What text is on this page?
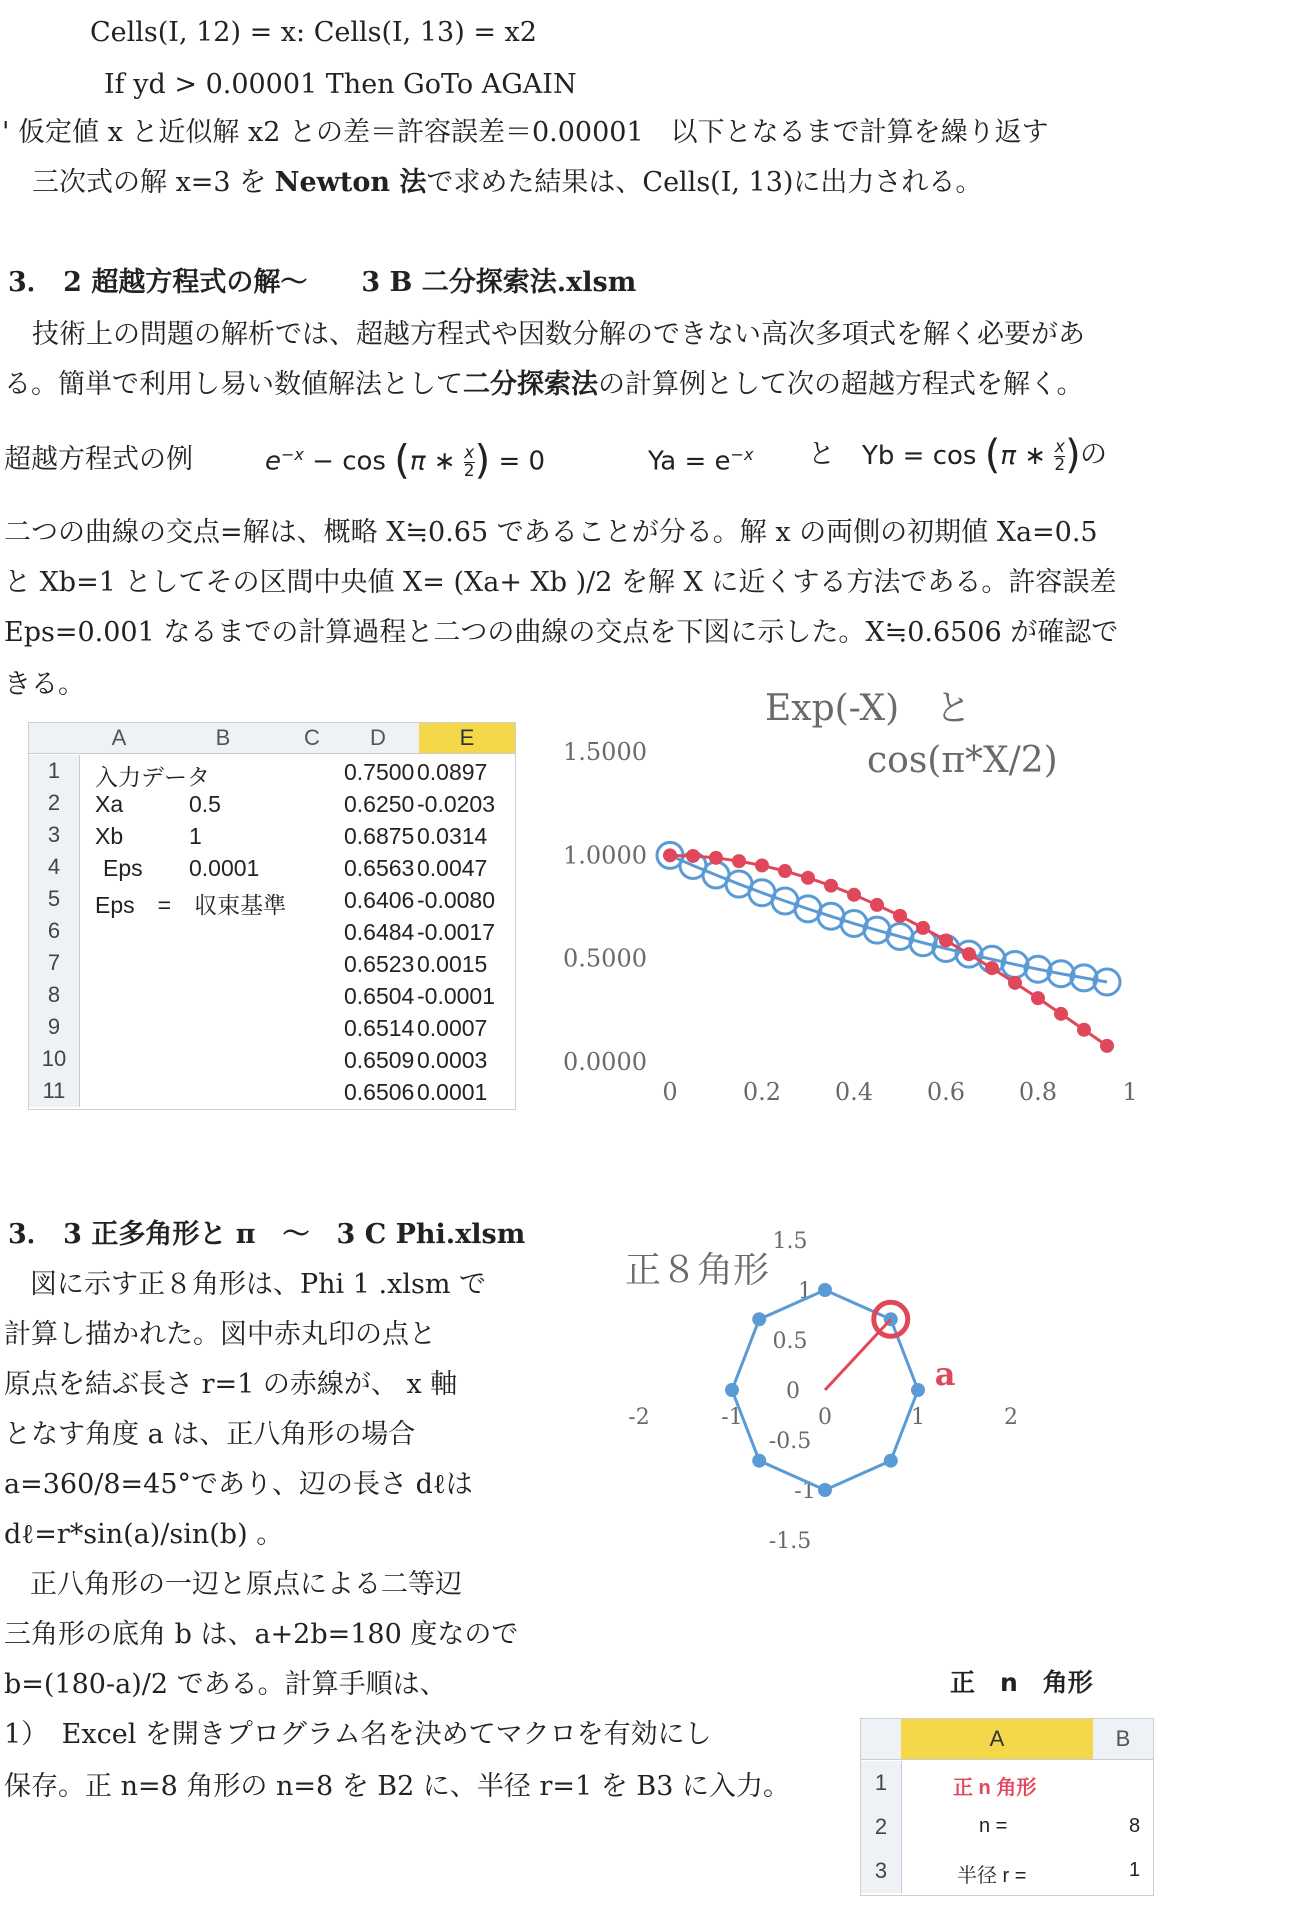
Cells(I, 12) = x: Cells(I, 13) = x2
If yd > 0.00001 Then GoTo AGAIN
' 仮定値 x と近似解 x2 との差＝許容誤差＝0.00001　以下となるまで計算を繰り返す
三次式の解 x=3 を Newton 法で求めた結果は、Cells(I, 13)に出力される。
3． 2 超越方程式の解～　　3 B 二分探索法.xlsm
技術上の問題の解析では、超越方程式や因数分解のできない高次多項式を解く必要があ
る。簡単で利用し易い数値解法として二分探索法の計算例として次の超越方程式を解く。
超越方程式の例	$e^{-x} - \cos (\pi$ ∗ $\frac{x}{2}$ ) = 0	$Ya = e^{-x}$ と Yb = cos (π ∗ $\frac{x}{2}$ ) の
二つの曲線の交点=解は、概略 X≒0.65 であることが分る。解 x の両側の初期値 Xa=0.5
と Xb=1 としてその区間中央値 X= (Xa+ Xb )/2 を解 X に近くする方法である。許容誤差
Eps=0.001 なるまでの計算過程と二つの曲線の交点を下図に示した。X≒0.6506 が確認で
きる。
A	B	C	D	E
1	入力データ	0.7500 0.0897
2	Xa	0.5	0.6250 -0.0203
3	Xb	1	0.6875 0.0314
4	Eps 0.0001	0.6563 0.0047
5	Eps　=　収束基準	0.6406 -0.0080
6	0.6484 -0.0017
7	0.6523 0.0015
8	0.6504 -0.0001
9	0.6514 0.0007
10	0.6509 0.0003
11	0.6506 0.0001
Exp(-X)　と
cos(π*X/2)
0.0000
0.5000
1.0000
1.5000
0	0.2 0.4 0.6 0.8	1
3． 3 正多角形と π　～　3 C Phi.xlsm
図に示す正８角形は、Phi 1 .xlsm で
計算し描かれた。図中赤丸印の点と
原点を結ぶ長さ r=1 の赤線が、 x 軸
となす角度 a は、正八角形の場合
a=360/8=45°であり、辺の長さ dℓは
dℓ=r*sin(a)/sin(b) 。
正八角形の一辺と原点による二等辺
三角形の底角 b は、a+2b=180 度なので
b=(180-a)/2 である。計算手順は、
1）　Excel を開きプログラム名を決めてマクロを有効にし
保存。正 n=8 角形の n=8 を B2 に、半径 r=1 を B3 に入力。
正８角形
1.5
1
0.5
0
-0.5
-1
-1.5
-2	-1	0	1	2
a
正　n　角形
A	B
1	正 n 角形
2	n =	8
3	半径 r =	1
